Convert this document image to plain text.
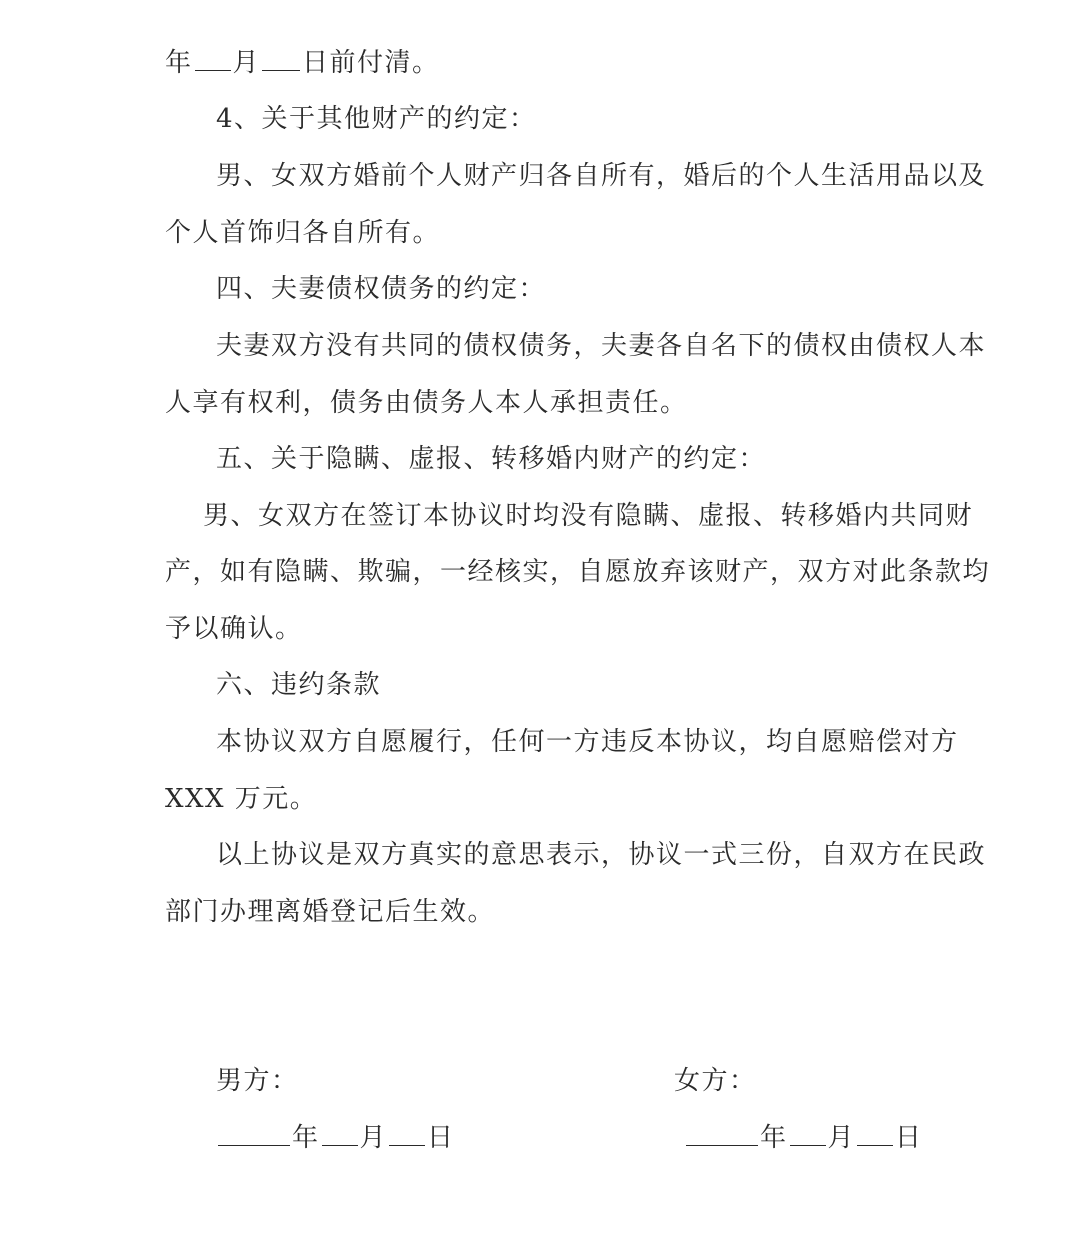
年 月 日前付清。
4、关于其他财产的约定：
男、女双方婚前个人财产归各自所有，婚后的个人生活用品以及
个人首饰归各自所有。
四、夫妻债权债务的约定：
夫妻双方没有共同的债权债务，夫妻各自名下的债权由债权人本
人享有权利，债务由债务人本人承担责任。
五、关于隐瞒、虚报、转移婚内财产的约定：
男、女双方在签订本协议时均没有隐瞒、虚报、转移婚内共同财
产，如有隐瞒、欺骗，一经核实，自愿放弃该财产，双方对此条款均
予以确认。
六、违约条款
本协议双方自愿履行，任何一方违反本协议，均自愿赔偿对方
XXX 万元。
以上协议是双方真实的意思表示，协议一式三份，自双方在民政
部门办理离婚登记后生效。
男方：	女方：
年 月 日	年 月 日
